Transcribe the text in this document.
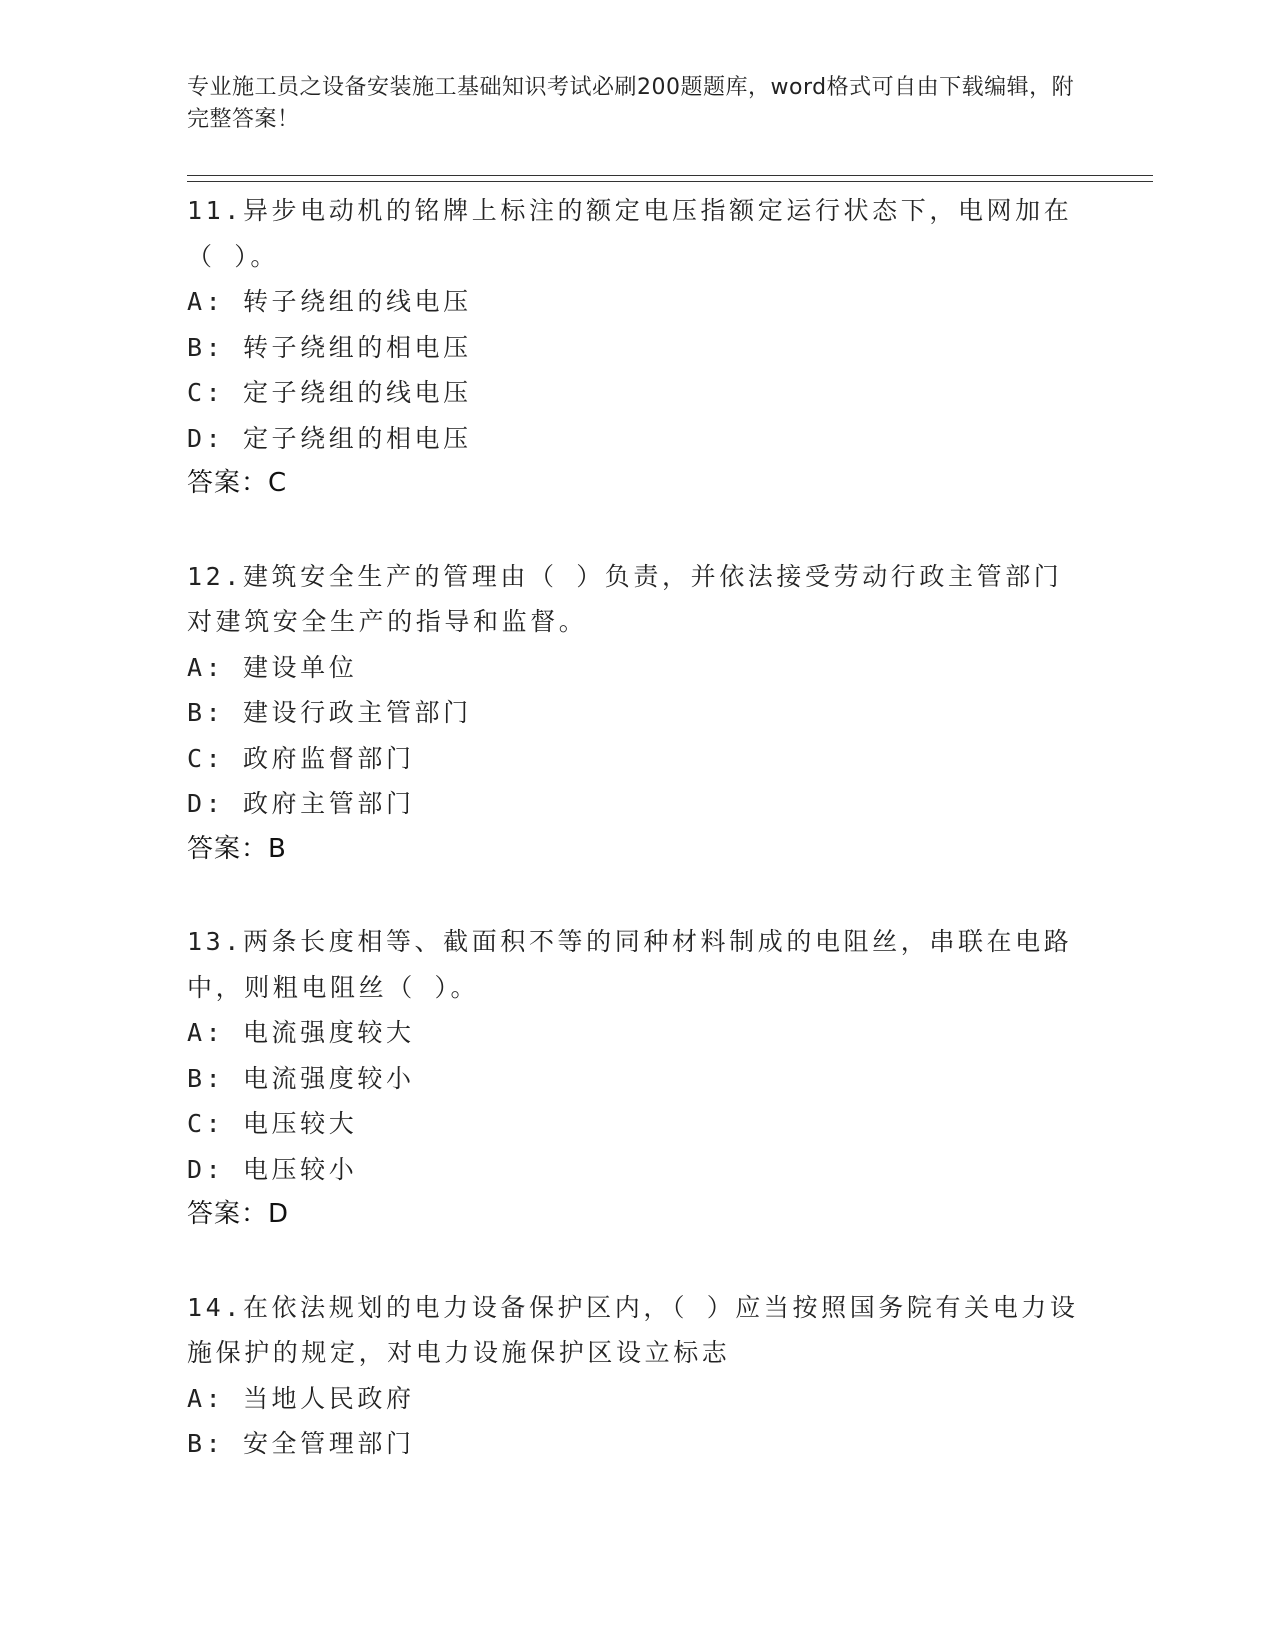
专业施工员之设备安装施工基础知识考试必刷200题题库，word格式可自由下载编辑，附完整答案！
11.异步电动机的铭牌上标注的额定电压指额定运行状态下，电网加在（ ）。
A: 转子绕组的线电压
B: 转子绕组的相电压
C: 定子绕组的线电压
D: 定子绕组的相电压
答案：C
12.建筑安全生产的管理由（ ）负责，并依法接受劳动行政主管部门对建筑安全生产的指导和监督。
A: 建设单位
B: 建设行政主管部门
C: 政府监督部门
D: 政府主管部门
答案：B
13.两条长度相等、截面积不等的同种材料制成的电阻丝，串联在电路中，则粗电阻丝（ ）。
A: 电流强度较大
B: 电流强度较小
C: 电压较大
D: 电压较小
答案：D
14.在依法规划的电力设备保护区内，（ ）应当按照国务院有关电力设施保护的规定，对电力设施保护区设立标志
A: 当地人民政府
B: 安全管理部门
